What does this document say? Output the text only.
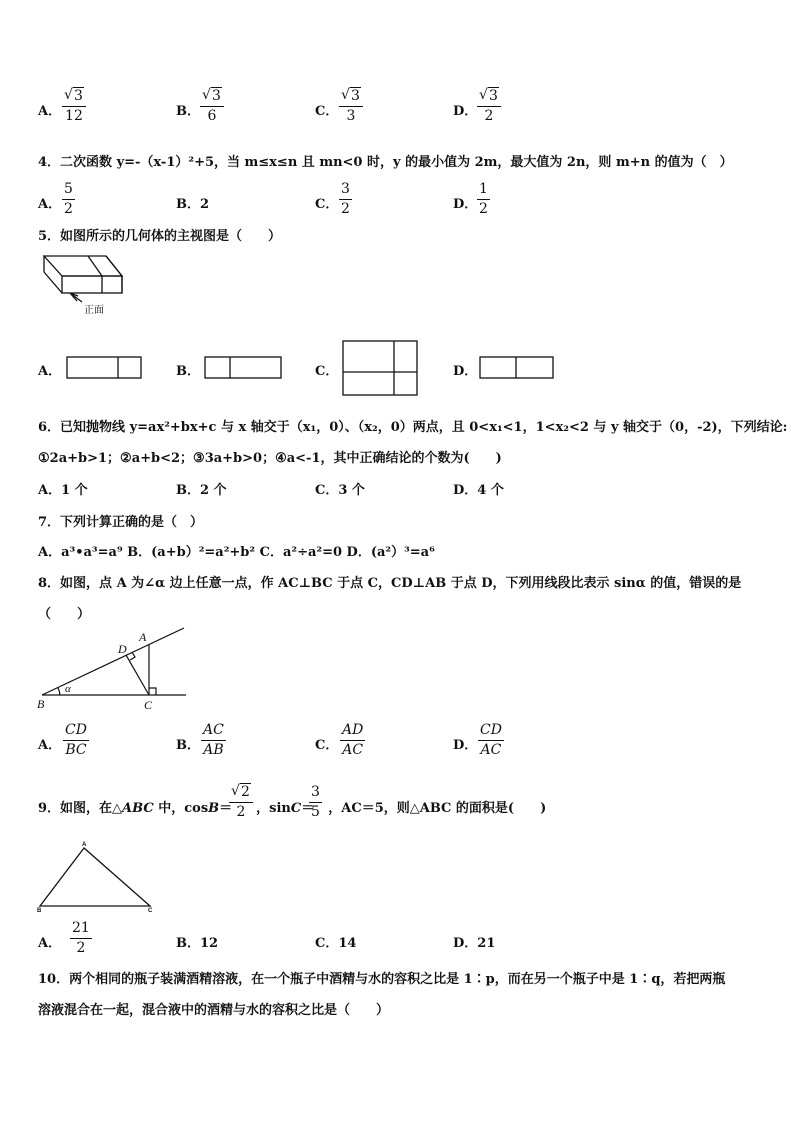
A． √ $\frac{3}{12}$	B． √ $\frac{3}{6}$	C． √ $\frac{3}{3}$	D． √ $\frac{3}{2}$
4．二次函数 y=-（x-1）²+5，当 m≤x≤n 且 mn<0 时，y 的最小值为 2m，最大值为 2n，则 m+n 的值为（　）
A． $\frac{5}{2}$	B．2	C． $\frac{3}{2}$	D． $\frac{1}{2}$
5．如图所示的几何体的主视图是（　　）
正面
A．	B．	C．	D．
6．已知抛物线 y=ax²+bx+c 与 x 轴交于（x₁，0）、（x₂，0）两点，且 0<x₁<1，1<x₂<2 与 y 轴交于（0，-2)，下列结论:
①2a+b>1；②a+b<2；③3a+b>0；④a<-1，其中正确结论的个数为(　　)
A．1 个	B．2 个	C．3 个	D．4 个
7．下列计算正确的是（　）
A．a³•a³=a⁹ B．(a+b）²=a²+b² C．a²÷a²=0 D．(a²）³=a⁶
8．如图，点 A 为∠α 边上任意一点，作 AC⊥BC 于点 C，CD⊥AB 于点 D，下列用线段比表示 sinα 的值，错误的是
（　　）
A
B	C
D
α
A． $\frac{CD}{BC}$	B． $\frac{AC}{AB}$	C． $\frac{AD}{AC}$	D． $\frac{CD}{AC}$
9．如图，在△ABC 中，cosB＝ ，sinC＝ ，AC＝5，则△ABC 的面积是(　　)
√ $\frac{2}{2}$	$\frac{3}{5}$
A
B	C
A． $\frac{21}{2}$	B．12	C．14	D．21
10．两个相同的瓶子装满酒精溶液，在一个瓶子中酒精与水的容积之比是 1∶p，而在另一个瓶子中是 1∶q，若把两瓶
溶液混合在一起，混合液中的酒精与水的容积之比是（　　）
